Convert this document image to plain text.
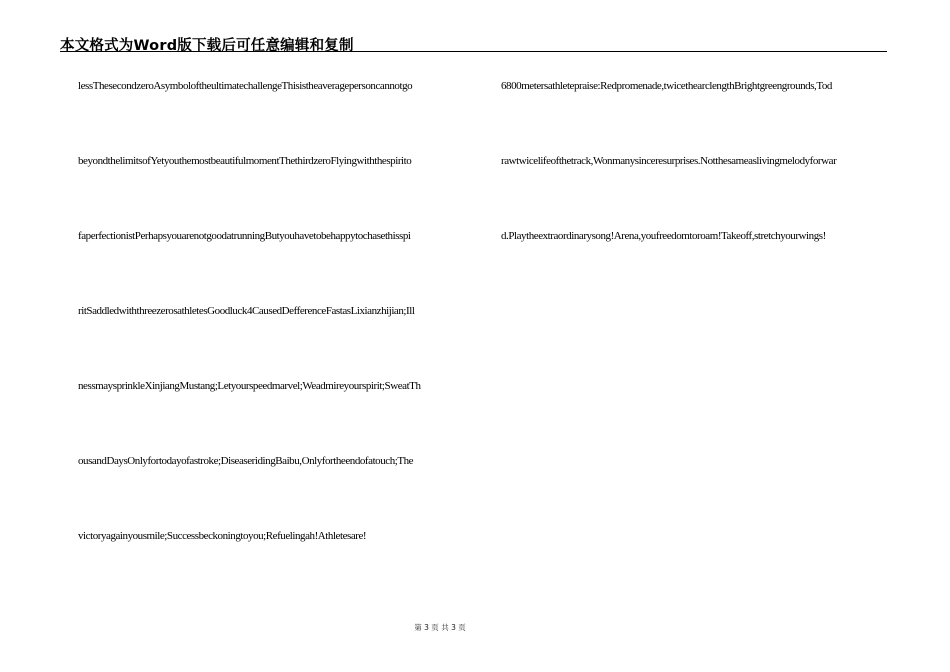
本文格式为Word版下载后可任意编辑和复制
lessThesecondzeroAsymboloftheultimatechallengeThisistheaveragepersoncannotgo
beyondthelimitsofYetyouthemostbeautifulmomentThethirdzeroFlyingwiththespirito
faperfectionistPerhapsyouarenotgoodatrunningButyouhavetobehappytochasethisspi
ritSaddledwiththreezerosathletesGoodluck4CausedDefferenceFastasLixianzhijian;Ill
nessmaysprinkleXinjiangMustang;Letyourspeedmarvel;Weadmireyourspirit;SweatTh
ousandDaysOnlyfortodayofastroke;DiseaseridingBaibu,Onlyfortheendofatouch;The
victoryagainyousmile;Successbeckoningtoyou;Refuelingah!Athletesare!
6800metersathletepraise:Redpromenade,twicethearclengthBrightgreengrounds,Tod
rawtwicelifeofthetrack,Wonmanysinceresurprises.Notthesameaslivingmelodyforwar
d.Playtheextraordinarysong!Arena,youfreedomtoroam!Takeoff,stretchyourwings!
第 3 页 共 3 页
